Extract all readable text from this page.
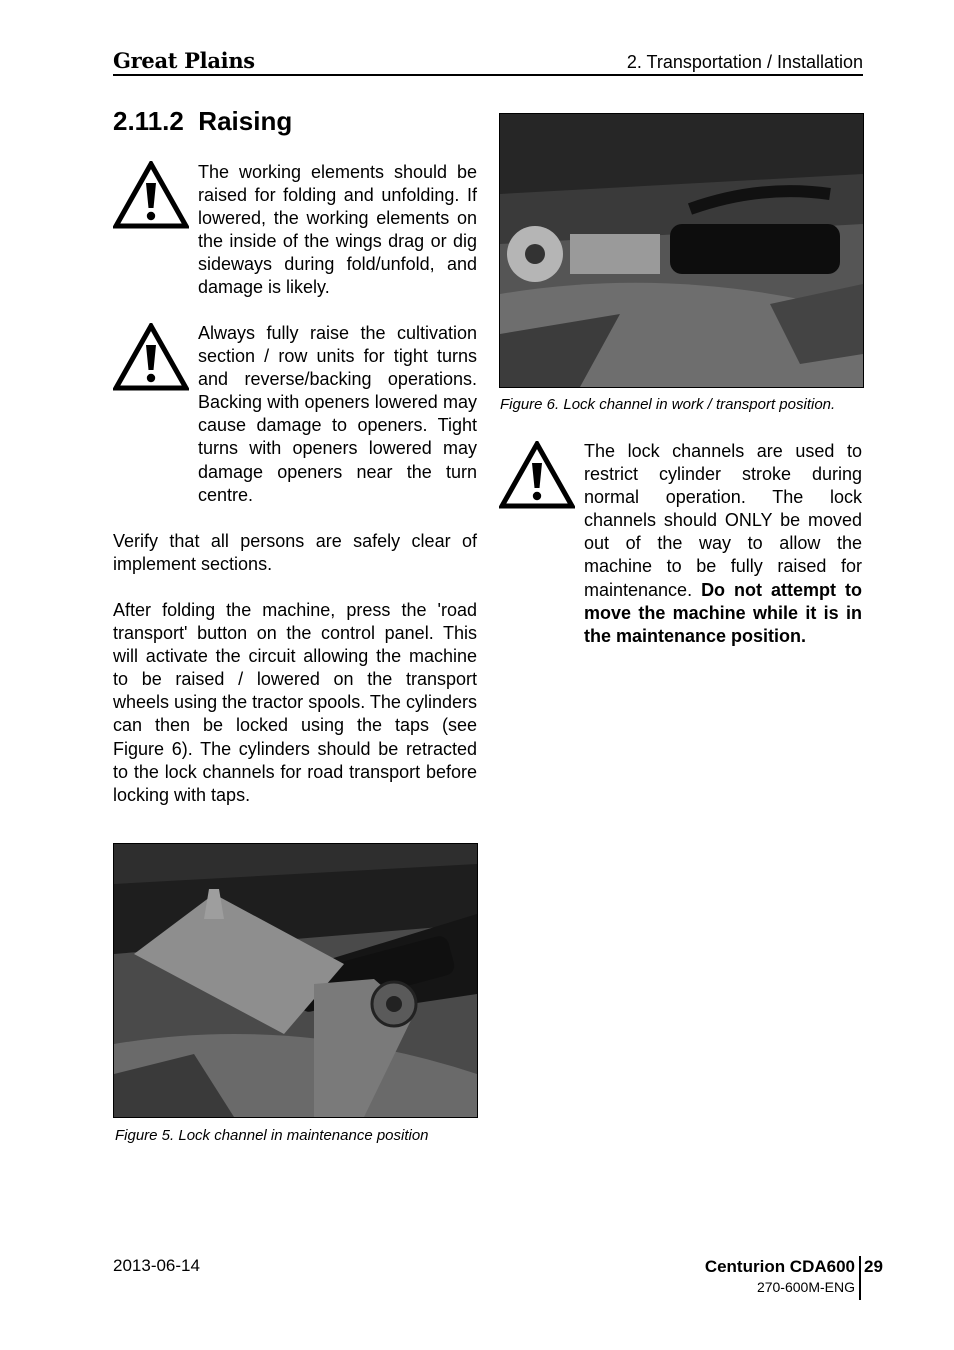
Great Plains	2. Transportation / Installation
2.11.2  Raising

The working elements should be raised for folding and unfolding. If lowered, the working elements on the inside of the wings drag or dig sideways during fold/unfold, and damage is likely.

Always fully raise the cultivation section / row units for tight turns and reverse/backing operations. Backing with openers lowered may cause damage to openers. Tight turns with openers lowered may damage openers near the turn centre.

Verify that all persons are safely clear of implement sections.

After folding the machine, press the 'road transport' button on the control panel. This will activate the circuit allowing the machine to be raised / lowered on the transport wheels using the tractor spools. The cylinders can then be locked using the taps (see Figure 6). The cylinders should be retracted to the lock channels for road transport before locking with taps.

Figure 5. Lock channel in maintenance position
Figure 6. Lock channel in work / transport position.

The lock channels are used to restrict cylinder stroke during normal operation. The lock channels should ONLY be moved out of the way to allow the machine to be fully raised for maintenance. Do not attempt to move the machine while it is in the maintenance position.

2013-06-14	Centurion CDA600
270-600M-ENG
29
